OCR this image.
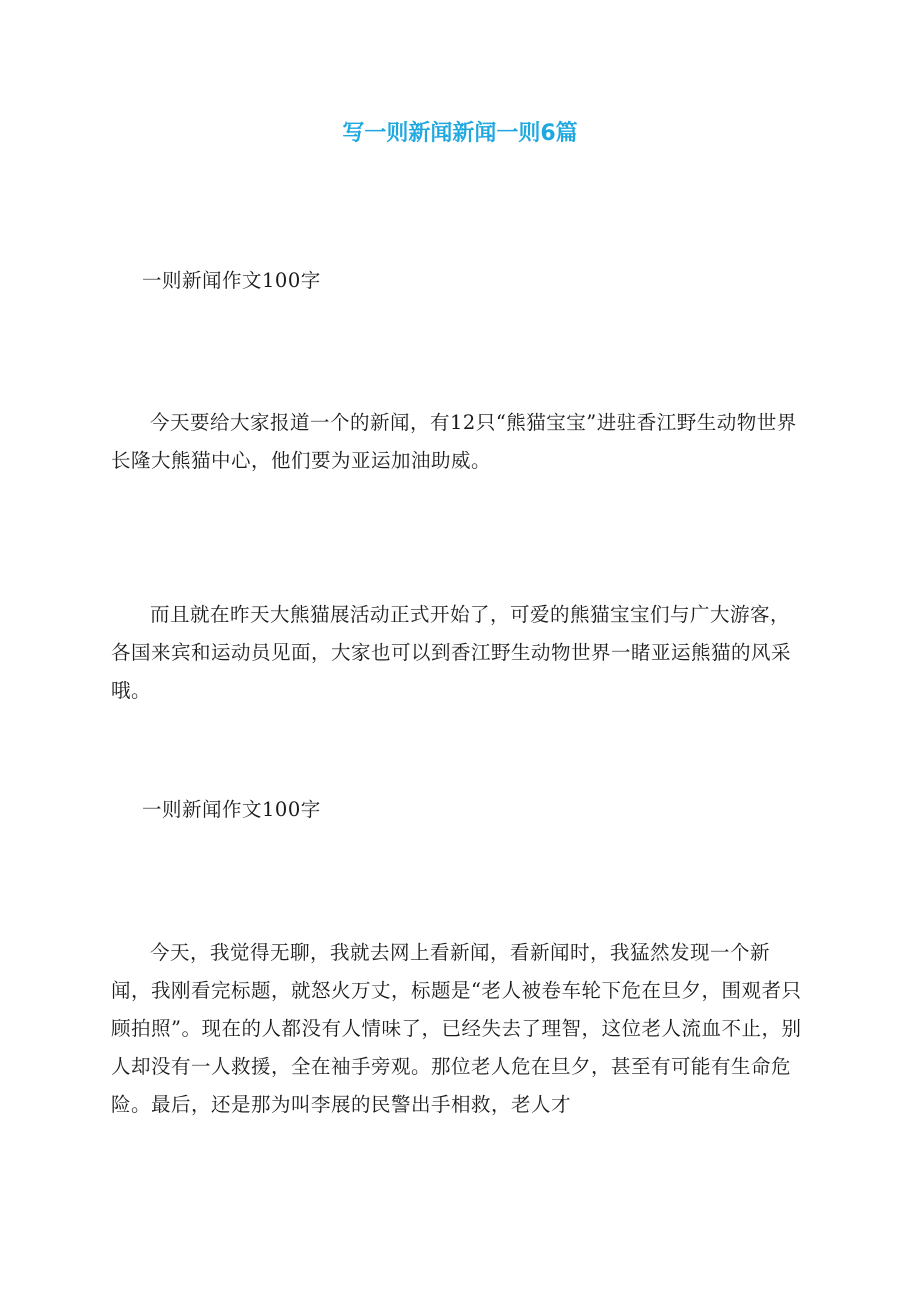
写一则新闻新闻一则6篇

一则新闻作文100字

今天要给大家报道一个的新闻，有12只“熊猫宝宝”进驻香江野生动物世界长隆大熊猫中心，他们要为亚运加油助威。

而且就在昨天大熊猫展活动正式开始了，可爱的熊猫宝宝们与广大游客，各国来宾和运动员见面，大家也可以到香江野生动物世界一睹亚运熊猫的风采哦。

一则新闻作文100字

今天，我觉得无聊，我就去网上看新闻，看新闻时，我猛然发现一个新闻，我刚看完标题，就怒火万丈，标题是“老人被卷车轮下危在旦夕，围观者只顾拍照”。现在的人都没有人情味了，已经失去了理智，这位老人流血不止，别人却没有一人救援，全在袖手旁观。那位老人危在旦夕，甚至有可能有生命危险。最后，还是那为叫李展的民警出手相救，老人才
